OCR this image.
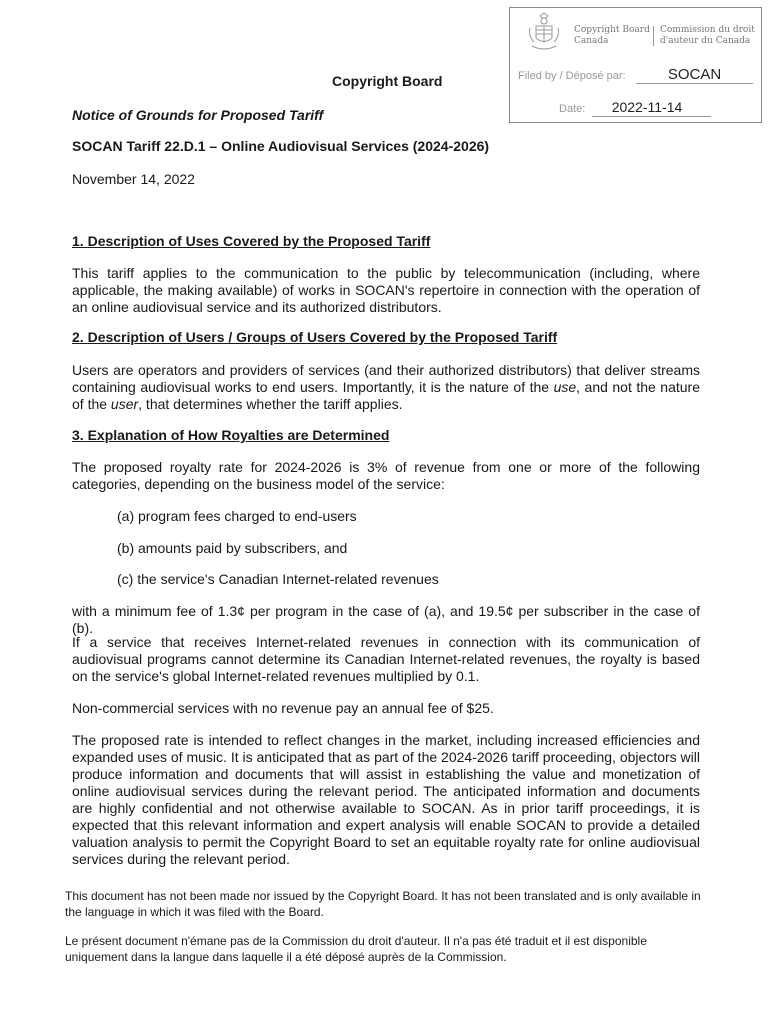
Copyright Board
Canada
Commission du droit
d'auteur du Canada
Filed by / Déposé par:	SOCAN
Date:	2022-11-14
Copyright Board
Notice of Grounds for Proposed Tariff
SOCAN Tariff 22.D.1 – Online Audiovisual Services (2024-2026)
November 14, 2022
1. Description of Uses Covered by the Proposed Tariff
This tariff applies to the communication to the public by telecommunication (including, where applicable, the making available) of works in SOCAN's repertoire in connection with the operation of an online audiovisual service and its authorized distributors.
2. Description of Users / Groups of Users Covered by the Proposed Tariff
Users are operators and providers of services (and their authorized distributors) that deliver streams containing audiovisual works to end users. Importantly, it is the nature of the use, and not the nature of the user, that determines whether the tariff applies.
3. Explanation of How Royalties are Determined
The proposed royalty rate for 2024-2026 is 3% of revenue from one or more of the following categories, depending on the business model of the service:
(a) program fees charged to end-users
(b) amounts paid by subscribers, and
(c) the service's Canadian Internet-related revenues
with a minimum fee of 1.3¢ per program in the case of (a), and 19.5¢ per subscriber in the case of (b).
If a service that receives Internet-related revenues in connection with its communication of audiovisual programs cannot determine its Canadian Internet-related revenues, the royalty is based on the service's global Internet-related revenues multiplied by 0.1.
Non-commercial services with no revenue pay an annual fee of $25.
The proposed rate is intended to reflect changes in the market, including increased efficiencies and expanded uses of music. It is anticipated that as part of the 2024-2026 tariff proceeding, objectors will produce information and documents that will assist in establishing the value and monetization of online audiovisual services during the relevant period. The anticipated information and documents are highly confidential and not otherwise available to SOCAN. As in prior tariff proceedings, it is expected that this relevant information and expert analysis will enable SOCAN to provide a detailed valuation analysis to permit the Copyright Board to set an equitable royalty rate for online audiovisual services during the relevant period.
This document has not been made nor issued by the Copyright Board. It has not been translated and is only available in the language in which it was filed with the Board.
Le présent document n'émane pas de la Commission du droit d'auteur. Il n'a pas été traduit et il est disponible uniquement dans la langue dans laquelle il a été déposé auprès de la Commission.
